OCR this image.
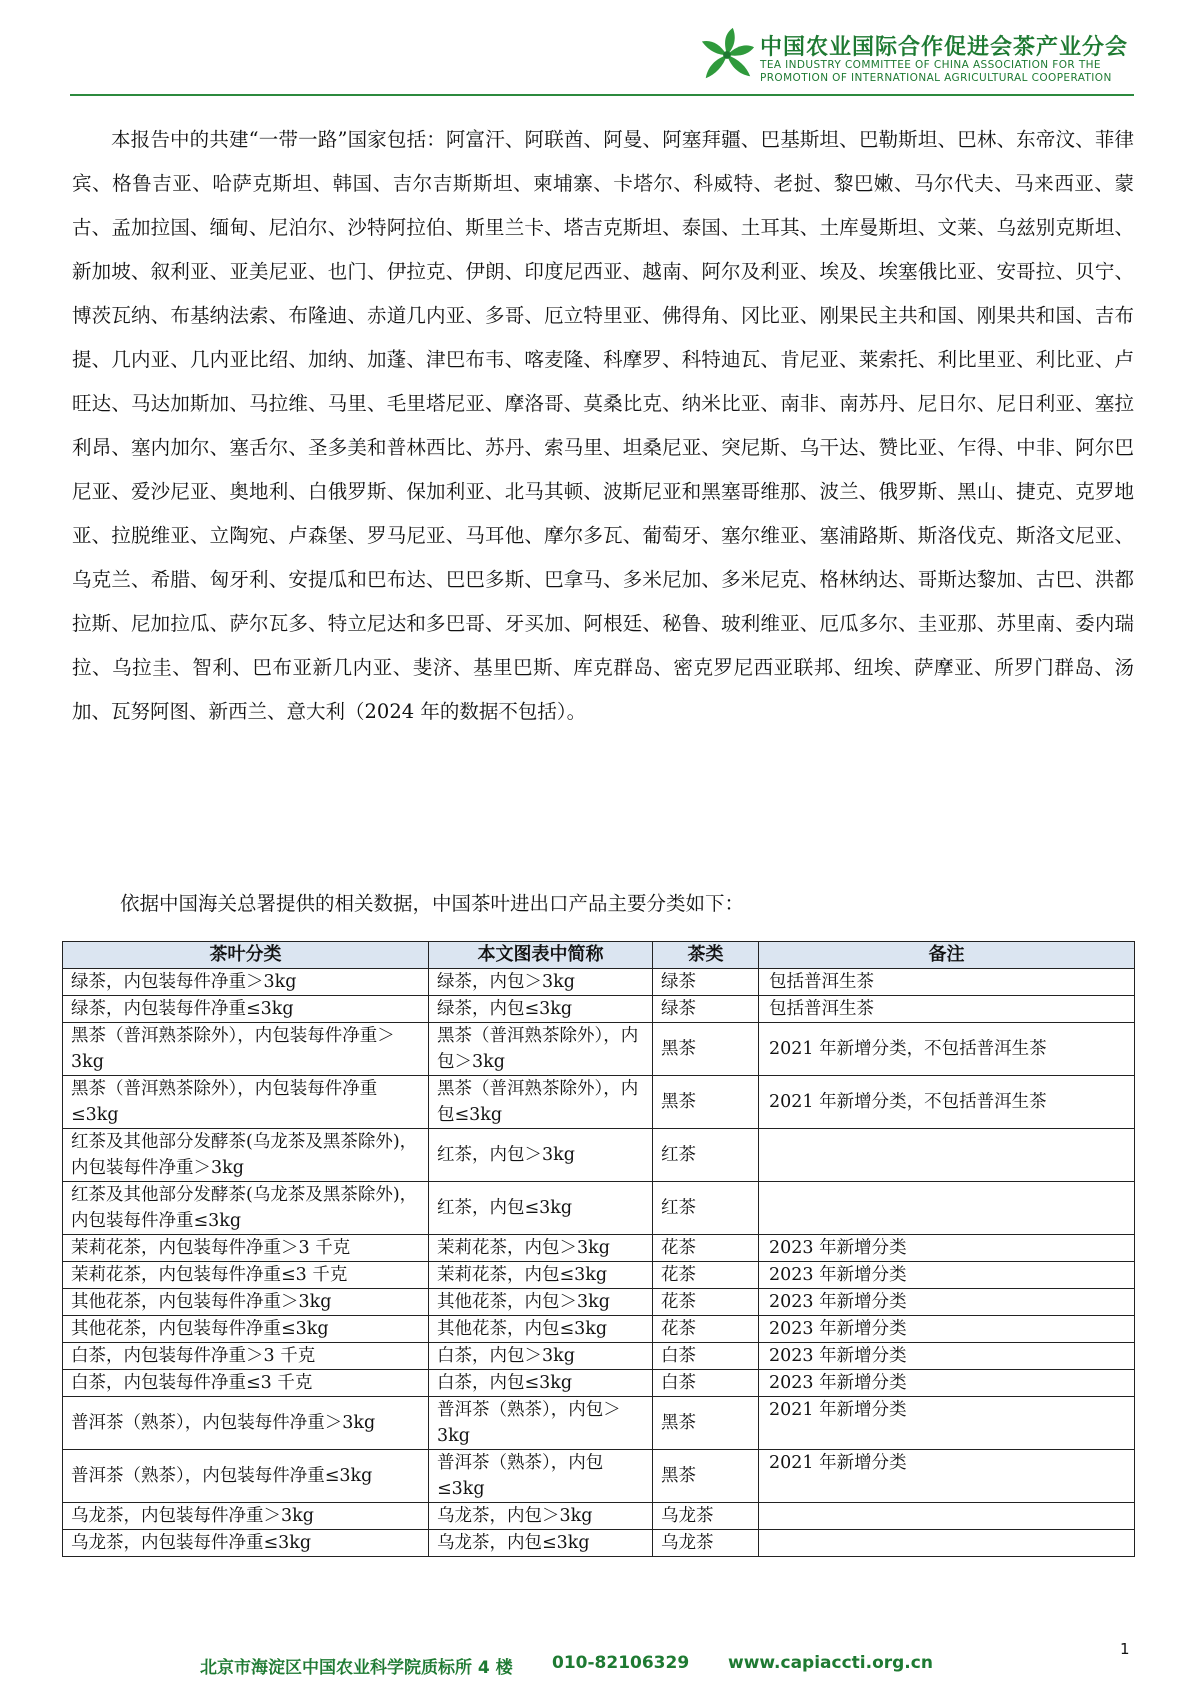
中国农业国际合作促进会茶产业分会
TEA INDUSTRY COMMITTEE OF CHINA ASSOCIATION FOR THE
PROMOTION OF INTERNATIONAL AGRICULTURAL COOPERATION

本报告中的共建“一带一路”国家包括：阿富汗、阿联酋、阿曼、阿塞拜疆、巴基斯坦、巴勒斯坦、巴林、东帝汶、菲律宾、格鲁吉亚、哈萨克斯坦、韩国、吉尔吉斯斯坦、柬埔寨、卡塔尔、科威特、老挝、黎巴嫩、马尔代夫、马来西亚、蒙古、孟加拉国、缅甸、尼泊尔、沙特阿拉伯、斯里兰卡、塔吉克斯坦、泰国、土耳其、土库曼斯坦、文莱、乌兹别克斯坦、新加坡、叙利亚、亚美尼亚、也门、伊拉克、伊朗、印度尼西亚、越南、阿尔及利亚、埃及、埃塞俄比亚、安哥拉、贝宁、博茨瓦纳、布基纳法索、布隆迪、赤道几内亚、多哥、厄立特里亚、佛得角、冈比亚、刚果民主共和国、刚果共和国、吉布提、几内亚、几内亚比绍、加纳、加蓬、津巴布韦、喀麦隆、科摩罗、科特迪瓦、肯尼亚、莱索托、利比里亚、利比亚、卢旺达、马达加斯加、马拉维、马里、毛里塔尼亚、摩洛哥、莫桑比克、纳米比亚、南非、南苏丹、尼日尔、尼日利亚、塞拉利昂、塞内加尔、塞舌尔、圣多美和普林西比、苏丹、索马里、坦桑尼亚、突尼斯、乌干达、赞比亚、乍得、中非、阿尔巴尼亚、爱沙尼亚、奥地利、白俄罗斯、保加利亚、北马其顿、波斯尼亚和黑塞哥维那、波兰、俄罗斯、黑山、捷克、克罗地亚、拉脱维亚、立陶宛、卢森堡、罗马尼亚、马耳他、摩尔多瓦、葡萄牙、塞尔维亚、塞浦路斯、斯洛伐克、斯洛文尼亚、乌克兰、希腊、匈牙利、安提瓜和巴布达、巴巴多斯、巴拿马、多米尼加、多米尼克、格林纳达、哥斯达黎加、古巴、洪都拉斯、尼加拉瓜、萨尔瓦多、特立尼达和多巴哥、牙买加、阿根廷、秘鲁、玻利维亚、厄瓜多尔、圭亚那、苏里南、委内瑞拉、乌拉圭、智利、巴布亚新几内亚、斐济、基里巴斯、库克群岛、密克罗尼西亚联邦、纽埃、萨摩亚、所罗门群岛、汤加、瓦努阿图、新西兰、意大利（2024 年的数据不包括）。

依据中国海关总署提供的相关数据，中国茶叶进出口产品主要分类如下：

茶叶分类	本文图表中简称	茶类	备注
绿茶，内包装每件净重＞3kg	绿茶，内包＞3kg	绿茶	包括普洱生茶
绿茶，内包装每件净重≤3kg	绿茶，内包≤3kg	绿茶	包括普洱生茶
黑茶（普洱熟茶除外），内包装每件净重＞3kg	黑茶（普洱熟茶除外），内包＞3kg	黑茶	2021 年新增分类，不包括普洱生茶
黑茶（普洱熟茶除外），内包装每件净重≤3kg	黑茶（普洱熟茶除外），内包≤3kg	黑茶	2021 年新增分类，不包括普洱生茶
红茶及其他部分发酵茶(乌龙茶及黑茶除外)，内包装每件净重＞3kg	红茶，内包＞3kg	红茶	
红茶及其他部分发酵茶(乌龙茶及黑茶除外)，内包装每件净重≤3kg	红茶，内包≤3kg	红茶	
茉莉花茶，内包装每件净重＞3 千克	茉莉花茶，内包＞3kg	花茶	2023 年新增分类
茉莉花茶，内包装每件净重≤3 千克	茉莉花茶，内包≤3kg	花茶	2023 年新增分类
其他花茶，内包装每件净重＞3kg	其他花茶，内包＞3kg	花茶	2023 年新增分类
其他花茶，内包装每件净重≤3kg	其他花茶，内包≤3kg	花茶	2023 年新增分类
白茶，内包装每件净重＞3 千克	白茶，内包＞3kg	白茶	2023 年新增分类
白茶，内包装每件净重≤3 千克	白茶，内包≤3kg	白茶	2023 年新增分类
普洱茶（熟茶），内包装每件净重＞3kg	普洱茶（熟茶），内包＞3kg	黑茶	2021 年新增分类
普洱茶（熟茶），内包装每件净重≤3kg	普洱茶（熟茶），内包≤3kg	黑茶	2021 年新增分类
乌龙茶，内包装每件净重＞3kg	乌龙茶，内包＞3kg	乌龙茶	
乌龙茶，内包装每件净重≤3kg	乌龙茶，内包≤3kg	乌龙茶	
1
北京市海淀区中国农业科学院质标所 4 楼 010-82106329 www.capiaccti.org.cn
